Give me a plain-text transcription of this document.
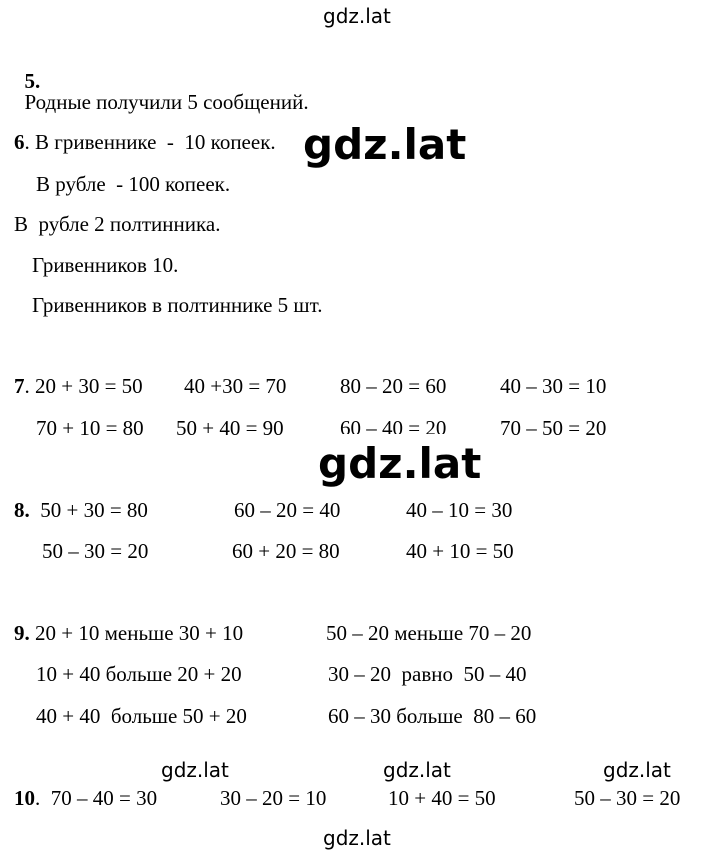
gdz.lat
gdz.lat
gdz.lat
gdz.lat	gdz.lat	gdz.lat
gdz.lat

5.
Родные получили 5 сообщений.

6. В гривеннике  -  10 копеек.
В рубле  - 100 копеек.
В  рубле 2 полтинника.
Гривенников 10.
Гривенников в полтиннике 5 шт.
7. 20 + 30 = 50 40 +30 = 70	80 – 20 = 60	40 – 30 = 10
70 + 10 = 80 50 + 40 = 90	60 – 40 = 20	70 – 50 = 20
8. 50 + 30 = 80	60 – 20 = 40	40 – 10 = 30
50 – 30 = 20	60 + 20 = 80	40 + 10 = 50
9. 20 + 10 меньше 30 + 10	50 – 20 меньше 70 – 20
10 + 40 больше 20 + 20	30 – 20  равно  50 – 40
40 + 40  больше 50 + 20	60 – 30 больше  80 – 60
10.  70 – 40 = 30	30 – 20 = 10	10 + 40 = 50	50 – 30 = 20
